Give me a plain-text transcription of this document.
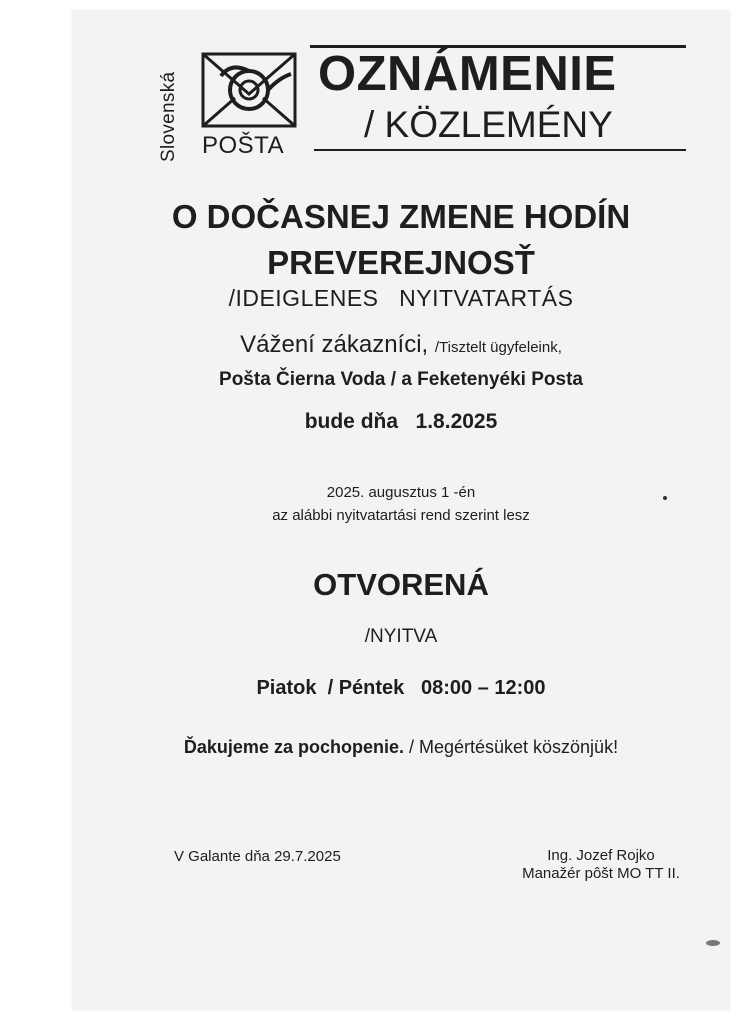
Slovenská POŠTA
OZNÁMENIE
/ KÖZLEMÉNY
O DOČASNEJ ZMENE HODÍN
PREVEREJNOSŤ
/IDEIGLENES   NYITVATARTÁS
Vážení zákazníci, /Tisztelt ügyfeleink,
Pošta Čierna Voda / a Feketenyéki Posta
bude dňa   1.8.2025
2025. augusztus 1 -én
az alábbi nyitvatartási rend szerint lesz
OTVORENÁ
/NYITVA
Piatok  / Péntek   08:00 – 12:00
Ďakujeme za pochopenie. / Megértésüket köszönjük!
V Galante dňa 29.7.2025	Ing. Jozef Rojko
Manažér pôšt MO TT II.
